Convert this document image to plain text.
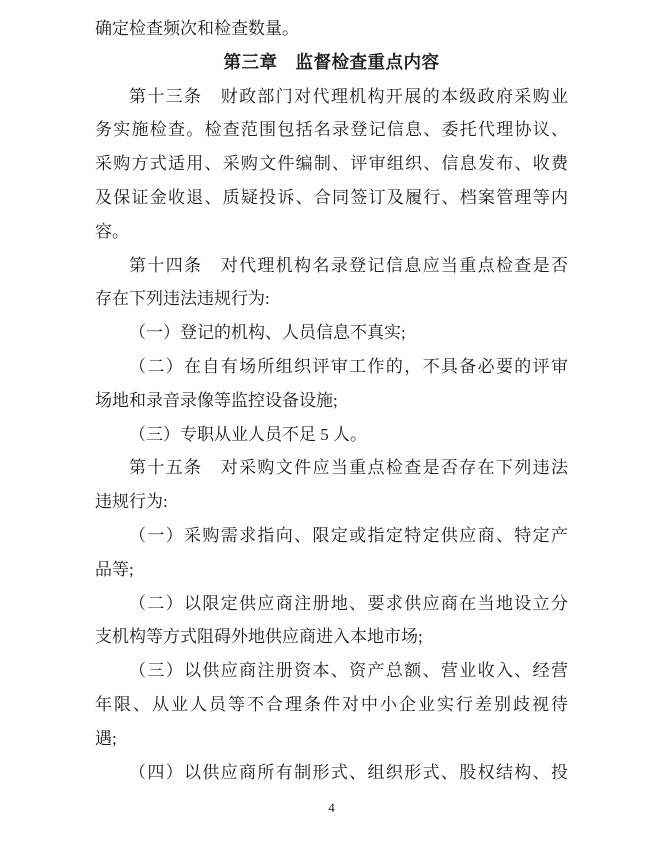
确定检查频次和检查数量。
第三章　监督检查重点内容
第十三条　财政部门对代理机构开展的本级政府采购业
务实施检查。检查范围包括名录登记信息、委托代理协议、
采购方式适用、采购文件编制、评审组织、信息发布、收费
及保证金收退、质疑投诉、合同签订及履行、档案管理等内
容。
第十四条　对代理机构名录登记信息应当重点检查是否
存在下列违法违规行为:
（一）登记的机构、人员信息不真实;
（二）在自有场所组织评审工作的，不具备必要的评审
场地和录音录像等监控设备设施;
（三）专职从业人员不足 5 人。
第十五条　对采购文件应当重点检查是否存在下列违法
违规行为:
（一）采购需求指向、限定或指定特定供应商、特定产
品等;
（二）以限定供应商注册地、要求供应商在当地设立分
支机构等方式阻碍外地供应商进入本地市场;
（三）以供应商注册资本、资产总额、营业收入、经营
年限、从业人员等不合理条件对中小企业实行差别歧视待
遇;
（四）以供应商所有制形式、组织形式、股权结构、投
4
